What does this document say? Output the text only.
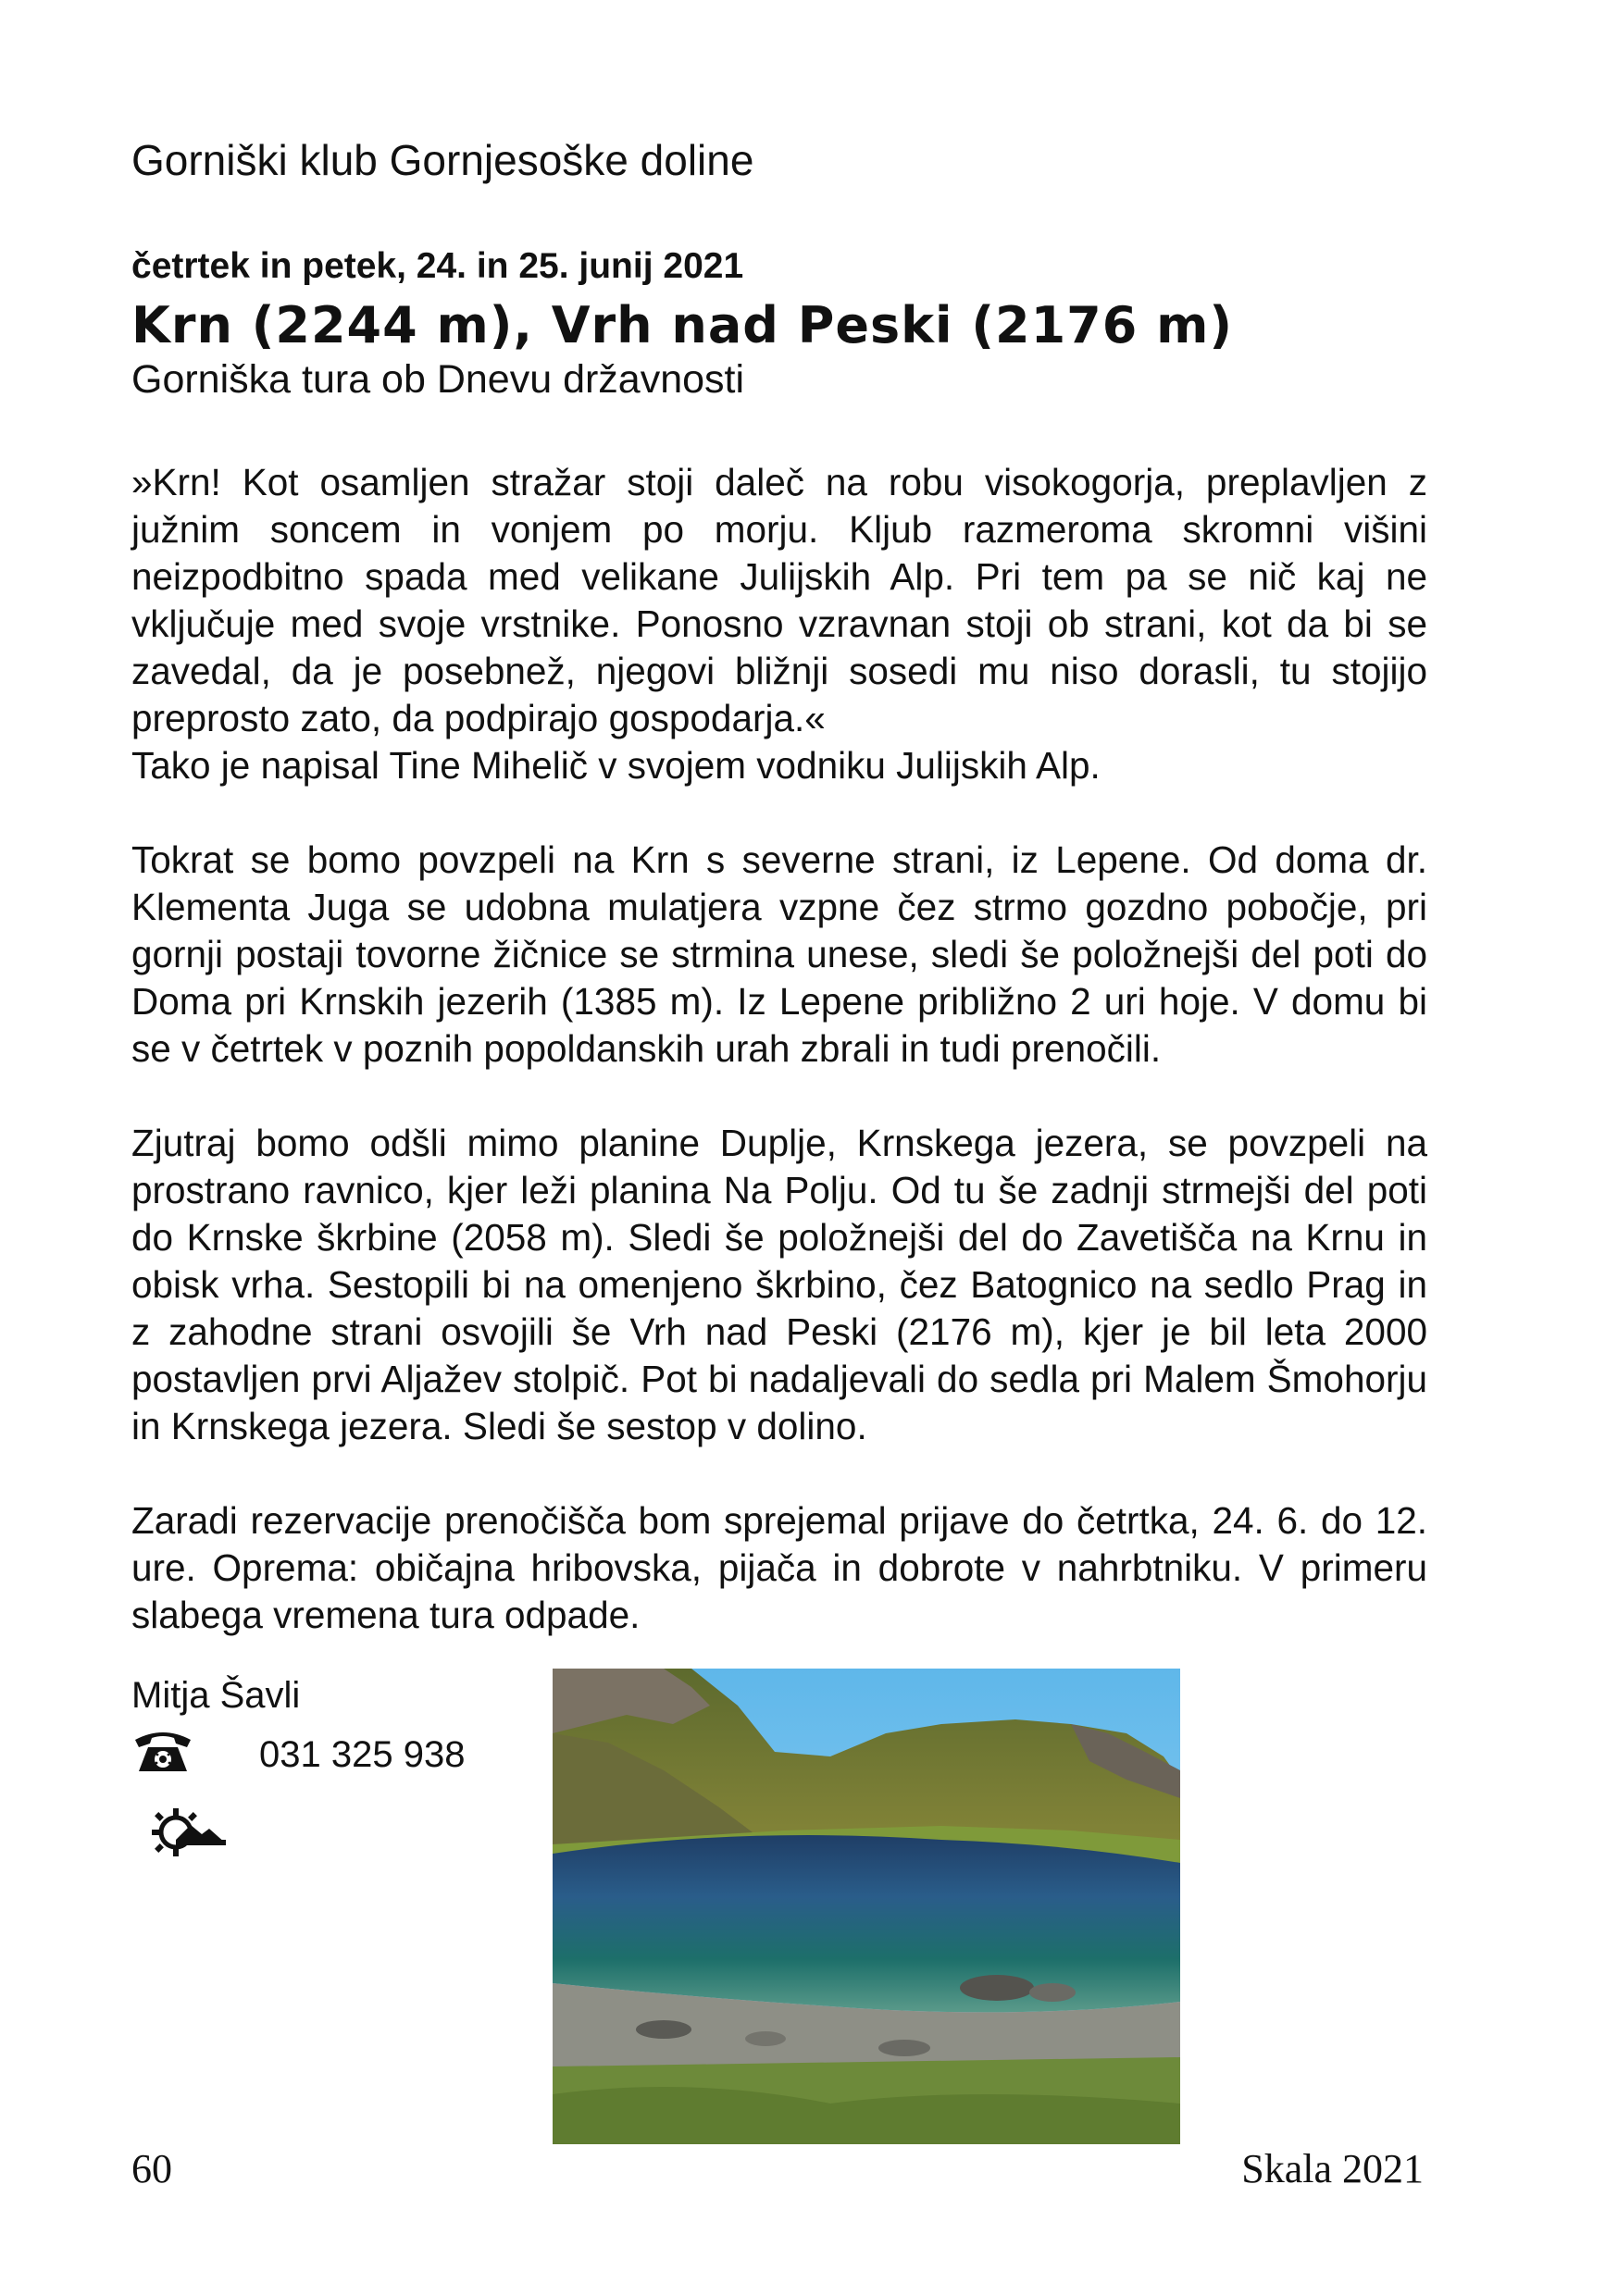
Gorniški klub Gornjesoške doline
četrtek in petek, 24. in 25. junij 2021
Krn (2244 m), Vrh nad Peski (2176 m)
Gorniška tura ob Dnevu državnosti

»Krn! Kot osamljen stražar stoji daleč na robu visokogorja, preplavljen z južnim soncem in vonjem po morju. Kljub razmeroma skromni višini neizpodbitno spada med velikane Julijskih Alp. Pri tem pa se nič kaj ne vključuje med svoje vrstnike. Ponosno vzravnan stoji ob strani, kot da bi se zavedal, da je posebnež, njegovi bližnji sosedi mu niso dorasli, tu stojijo preprosto zato, da podpirajo gospodarja.«

Tako je napisal Tine Mihelič v svojem vodniku Julijskih Alp.

Tokrat se bomo povzpeli na Krn s severne strani, iz Lepene. Od doma dr. Klementa Juga se udobna mulatjera vzpne čez strmo gozdno pobočje, pri gornji postaji tovorne žičnice se strmina unese, sledi še položnejši del poti do Doma pri Krnskih jezerih (1385 m). Iz Lepene približno 2 uri hoje. V domu bi se v četrtek v poznih popoldanskih urah zbrali in tudi prenočili.

Zjutraj bomo odšli mimo planine Duplje, Krnskega jezera, se povzpeli na prostrano ravnico, kjer leži planina Na Polju. Od tu še zadnji strmejši del poti do Krnske škrbine (2058 m). Sledi še položnejši del do Zavetišča na Krnu in obisk vrha. Sestopili bi na omenjeno škrbino, čez Batognico na sedlo Prag in z zahodne strani osvojili še Vrh nad Peski (2176 m), kjer je bil leta 2000 postavljen prvi Aljažev stolpič. Pot bi nadaljevali do sedla pri Malem Šmohorju in Krnskega jezera. Sledi še sestop v dolino.

Zaradi rezervacije prenočišča bom sprejemal prijave do četrtka, 24. 6. do 12. ure. Oprema: običajna hribovska, pijača in dobrote v nahrbtniku. V primeru slabega vremena tura odpade.

Mitja Šavli
031 325 938
60	Skala 2021
